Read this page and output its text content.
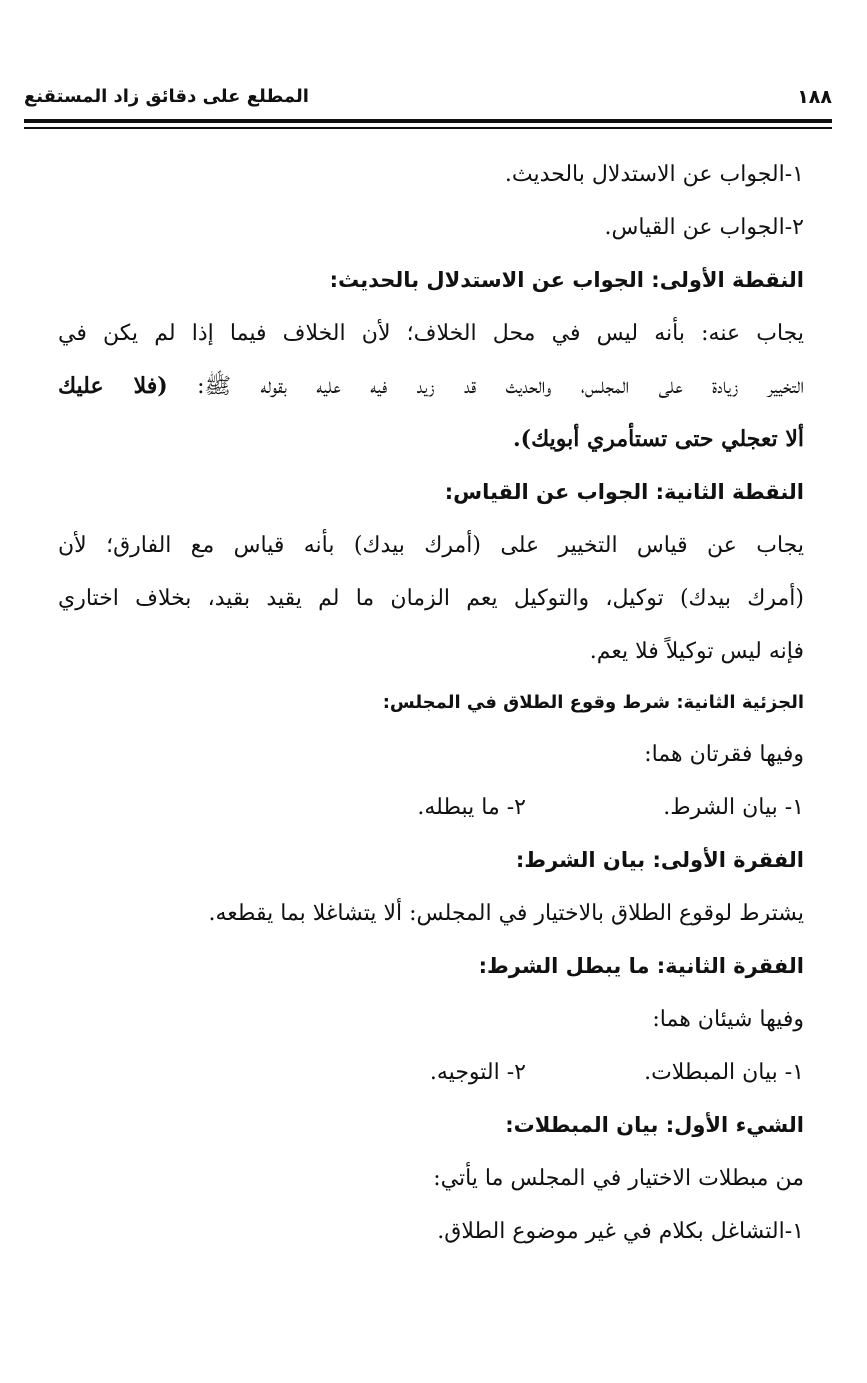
١٨٨
المطلع على دقائق زاد المستقنع
١-الجواب عن الاستدلال بالحديث.
٢-الجواب عن القياس.
النقطة الأولى: الجواب عن الاستدلال بالحديث:
يجاب عنه: بأنه ليس في محل الخلاف؛ لأن الخلاف فيما إذا لم يكن في
التخيير زيادة على المجلس، والحديث قد زيد فيه عليه بقوله ﷺ: (فلا عليك
ألا تعجلي حتى تستأمري أبويك).
النقطة الثانية: الجواب عن القياس:
يجاب عن قياس التخيير على (أمرك بيدك) بأنه قياس مع الفارق؛ لأن
(أمرك بيدك) توكيل، والتوكيل يعم الزمان ما لم يقيد بقيد، بخلاف اختاري
فإنه ليس توكيلاً فلا يعم.
الجزئية الثانية: شرط وقوع الطلاق في المجلس:
وفيها فقرتان هما:
١- بيان الشرط.
٢- ما يبطله.
الفقرة الأولى: بيان الشرط:
يشترط لوقوع الطلاق بالاختيار في المجلس: ألا يتشاغلا بما يقطعه.
الفقرة الثانية: ما يبطل الشرط:
وفيها شيئان هما:
١- بيان المبطلات.
٢- التوجيه.
الشيء الأول: بيان المبطلات:
من مبطلات الاختيار في المجلس ما يأتي:
١-التشاغل بكلام في غير موضوع الطلاق.
